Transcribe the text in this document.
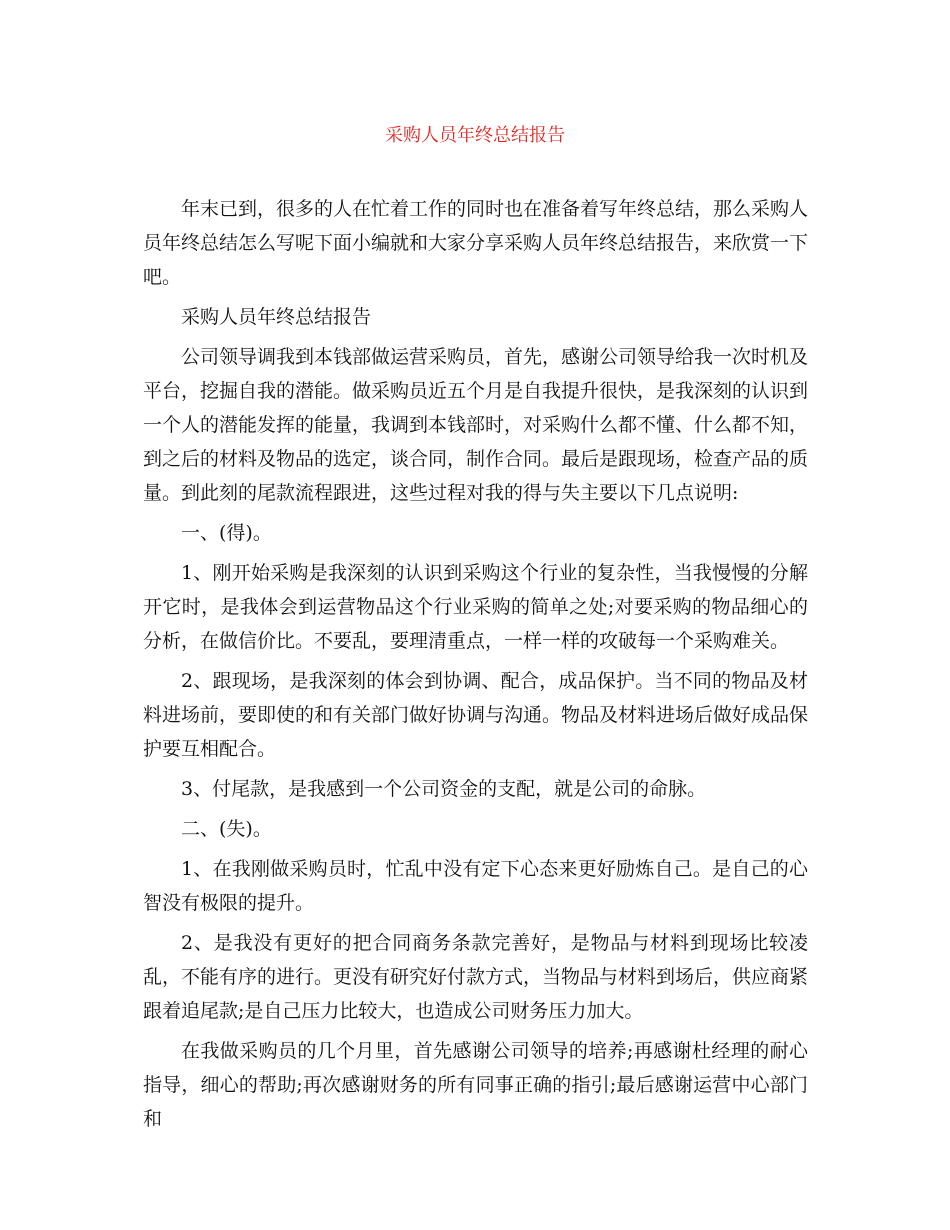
采购人员年终总结报告

年末已到，很多的人在忙着工作的同时也在准备着写年终总结，那么采购人员年终总结怎么写呢下面小编就和大家分享采购人员年终总结报告，来欣赏一下吧。

采购人员年终总结报告

公司领导调我到本钱部做运营采购员，首先，感谢公司领导给我一次时机及平台，挖掘自我的潜能。做采购员近五个月是自我提升很快，是我深刻的认识到一个人的潜能发挥的能量，我调到本钱部时，对采购什么都不懂、什么都不知，到之后的材料及物品的选定，谈合同，制作合同。最后是跟现场，检查产品的质量。到此刻的尾款流程跟进，这些过程对我的得与失主要以下几点说明:

一、(得)。

1、刚开始采购是我深刻的认识到采购这个行业的复杂性，当我慢慢的分解开它时，是我体会到运营物品这个行业采购的简单之处;对要采购的物品细心的分析，在做信价比。不要乱，要理清重点，一样一样的攻破每一个采购难关。

2、跟现场，是我深刻的体会到协调、配合，成品保护。当不同的物品及材料进场前，要即使的和有关部门做好协调与沟通。物品及材料进场后做好成品保护要互相配合。

3、付尾款，是我感到一个公司资金的支配，就是公司的命脉。

二、(失)。

1、在我刚做采购员时，忙乱中没有定下心态来更好励炼自己。是自己的心智没有极限的提升。

2、是我没有更好的把合同商务条款完善好，是物品与材料到现场比较凌乱，不能有序的进行。更没有研究好付款方式，当物品与材料到场后，供应商紧跟着追尾款;是自己压力比较大，也造成公司财务压力加大。

在我做采购员的几个月里，首先感谢公司领导的培养;再感谢杜经理的耐心指导，细心的帮助;再次感谢财务的所有同事正确的指引;最后感谢运营中心部门和
